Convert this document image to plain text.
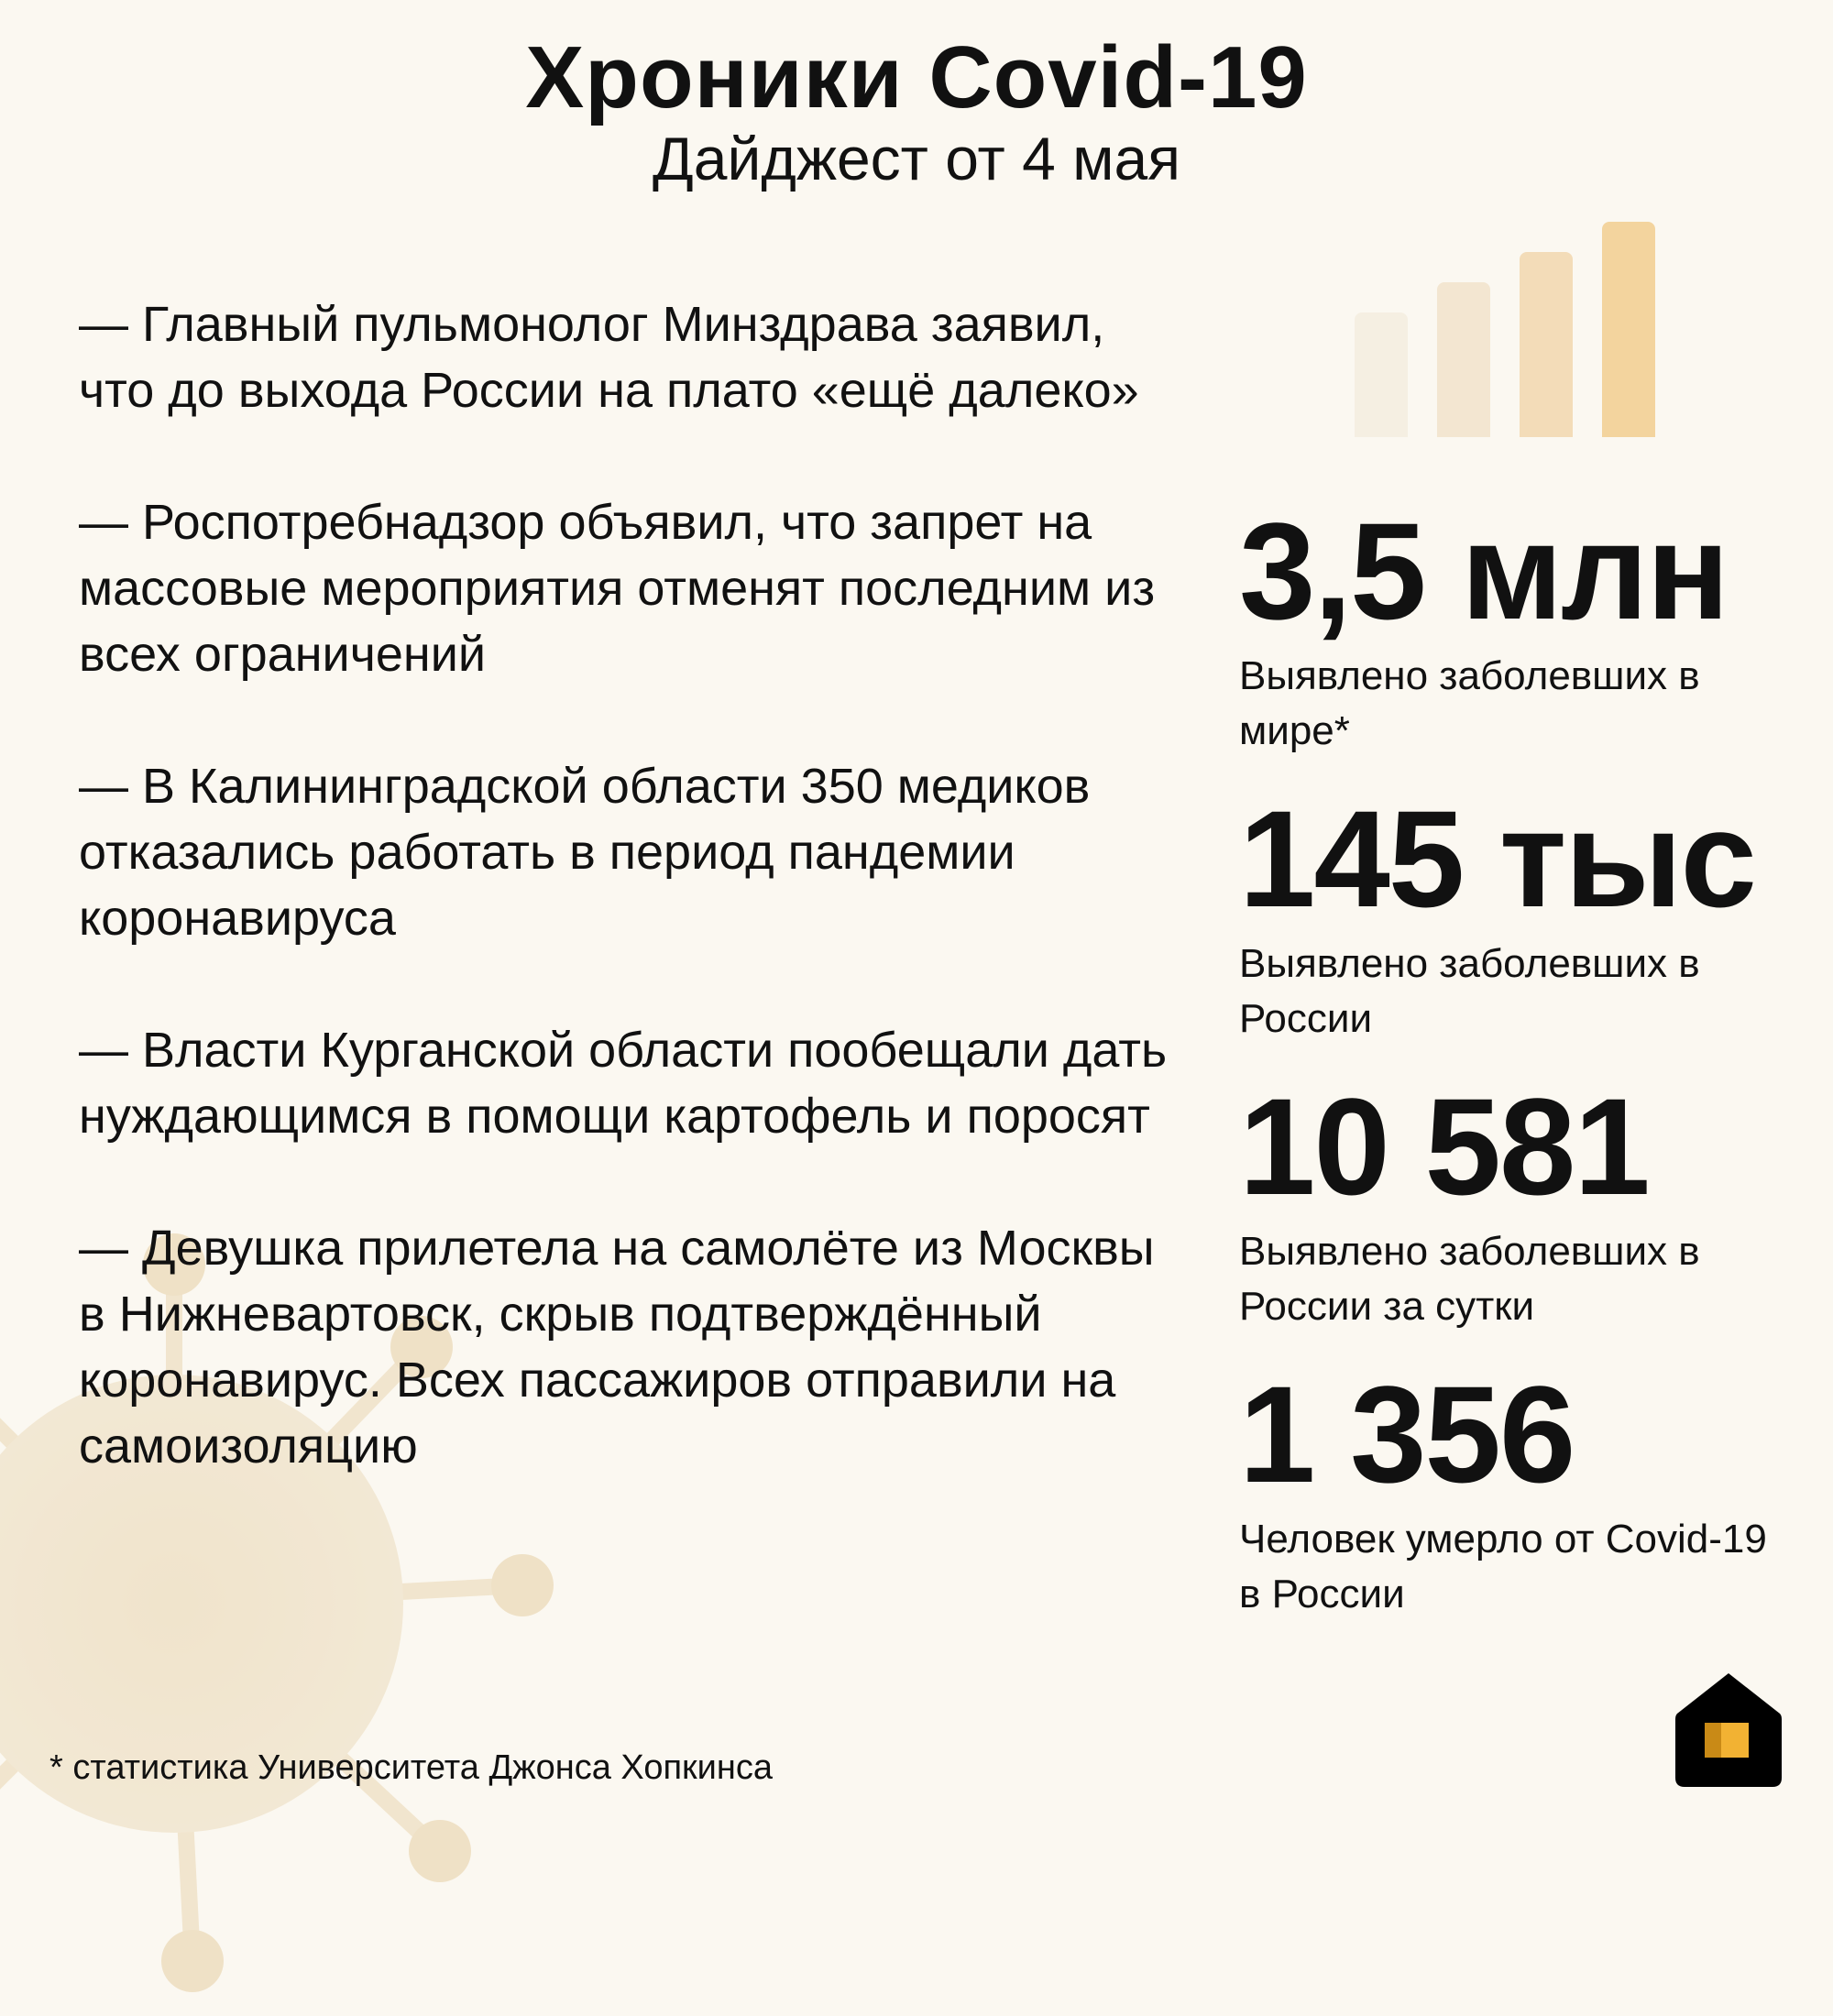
Хроники Covid-19
Дайджест от 4 мая

— Главный пульмонолог Минздрава заявил, что до выхода России на плато «ещё далеко»

— Роспотребнадзор объявил, что запрет на массовые мероприятия отменят последним из всех ограничений

— В Калининградской области 350 медиков отказались работать в период пандемии коронавируса

— Власти Курганской области пообещали дать нуждающимся в помощи картофель и поросят

— Девушка прилетела на самолёте из Москвы в Нижневартовск, скрыв подтверждённый коронавирус. Всех пассажиров отправили на самоизоляцию

3,5 млн
Выявлено заболевших в мире*
145 тыс
Выявлено заболевших в России
10 581
Выявлено заболевших в России за сутки
1 356
Человек умерло от Covid-19 в России
* статистика Университета Джонса Хопкинса
